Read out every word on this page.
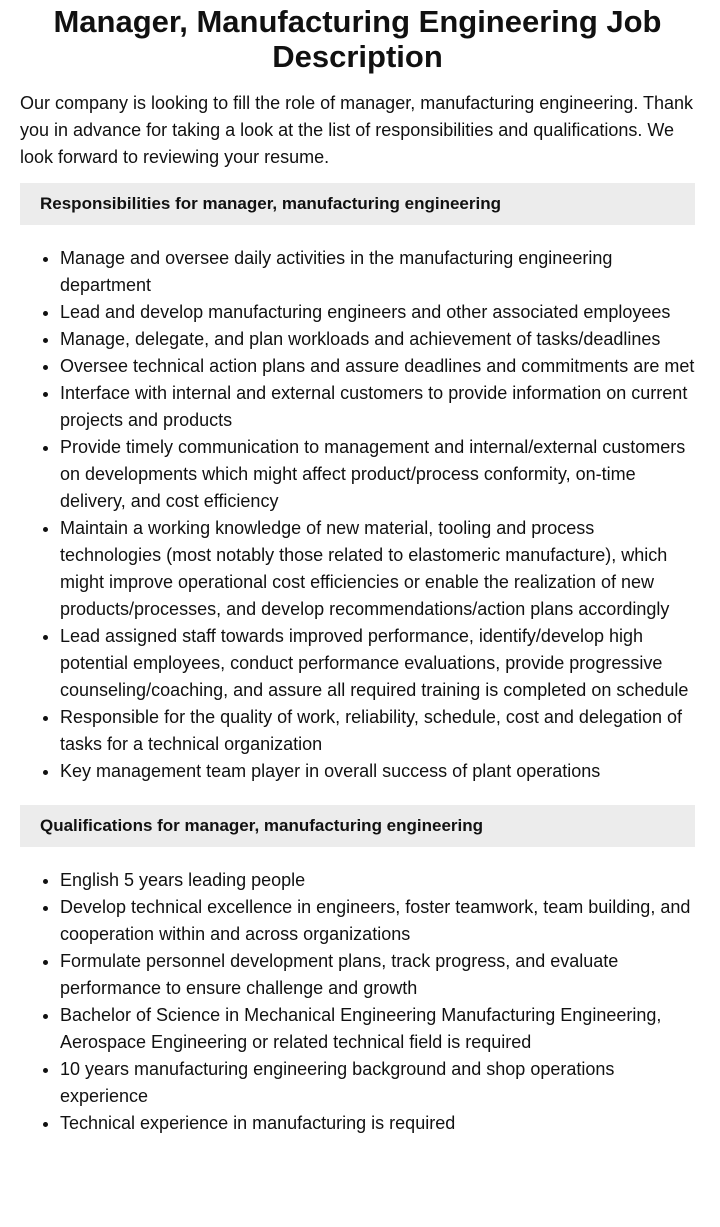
Manager, Manufacturing Engineering Job Description

Our company is looking to fill the role of manager, manufacturing engineering. Thank you in advance for taking a look at the list of responsibilities and qualifications. We look forward to reviewing your resume.

Responsibilities for manager, manufacturing engineering
• Manage and oversee daily activities in the manufacturing engineering department
• Lead and develop manufacturing engineers and other associated employees
• Manage, delegate, and plan workloads and achievement of tasks/deadlines
• Oversee technical action plans and assure deadlines and commitments are met
• Interface with internal and external customers to provide information on current projects and products
• Provide timely communication to management and internal/external customers on developments which might affect product/process conformity, on-time delivery, and cost efficiency
• Maintain a working knowledge of new material, tooling and process technologies (most notably those related to elastomeric manufacture), which might improve operational cost efficiencies or enable the realization of new products/processes, and develop recommendations/action plans accordingly
• Lead assigned staff towards improved performance, identify/develop high potential employees, conduct performance evaluations, provide progressive counseling/coaching, and assure all required training is completed on schedule
• Responsible for the quality of work, reliability, schedule, cost and delegation of tasks for a technical organization
• Key management team player in overall success of plant operations
Qualifications for manager, manufacturing engineering
• English 5 years leading people
• Develop technical excellence in engineers, foster teamwork, team building, and cooperation within and across organizations
• Formulate personnel development plans, track progress, and evaluate performance to ensure challenge and growth
• Bachelor of Science in Mechanical Engineering Manufacturing Engineering, Aerospace Engineering or related technical field is required
• 10 years manufacturing engineering background and shop operations experience
• Technical experience in manufacturing is required
